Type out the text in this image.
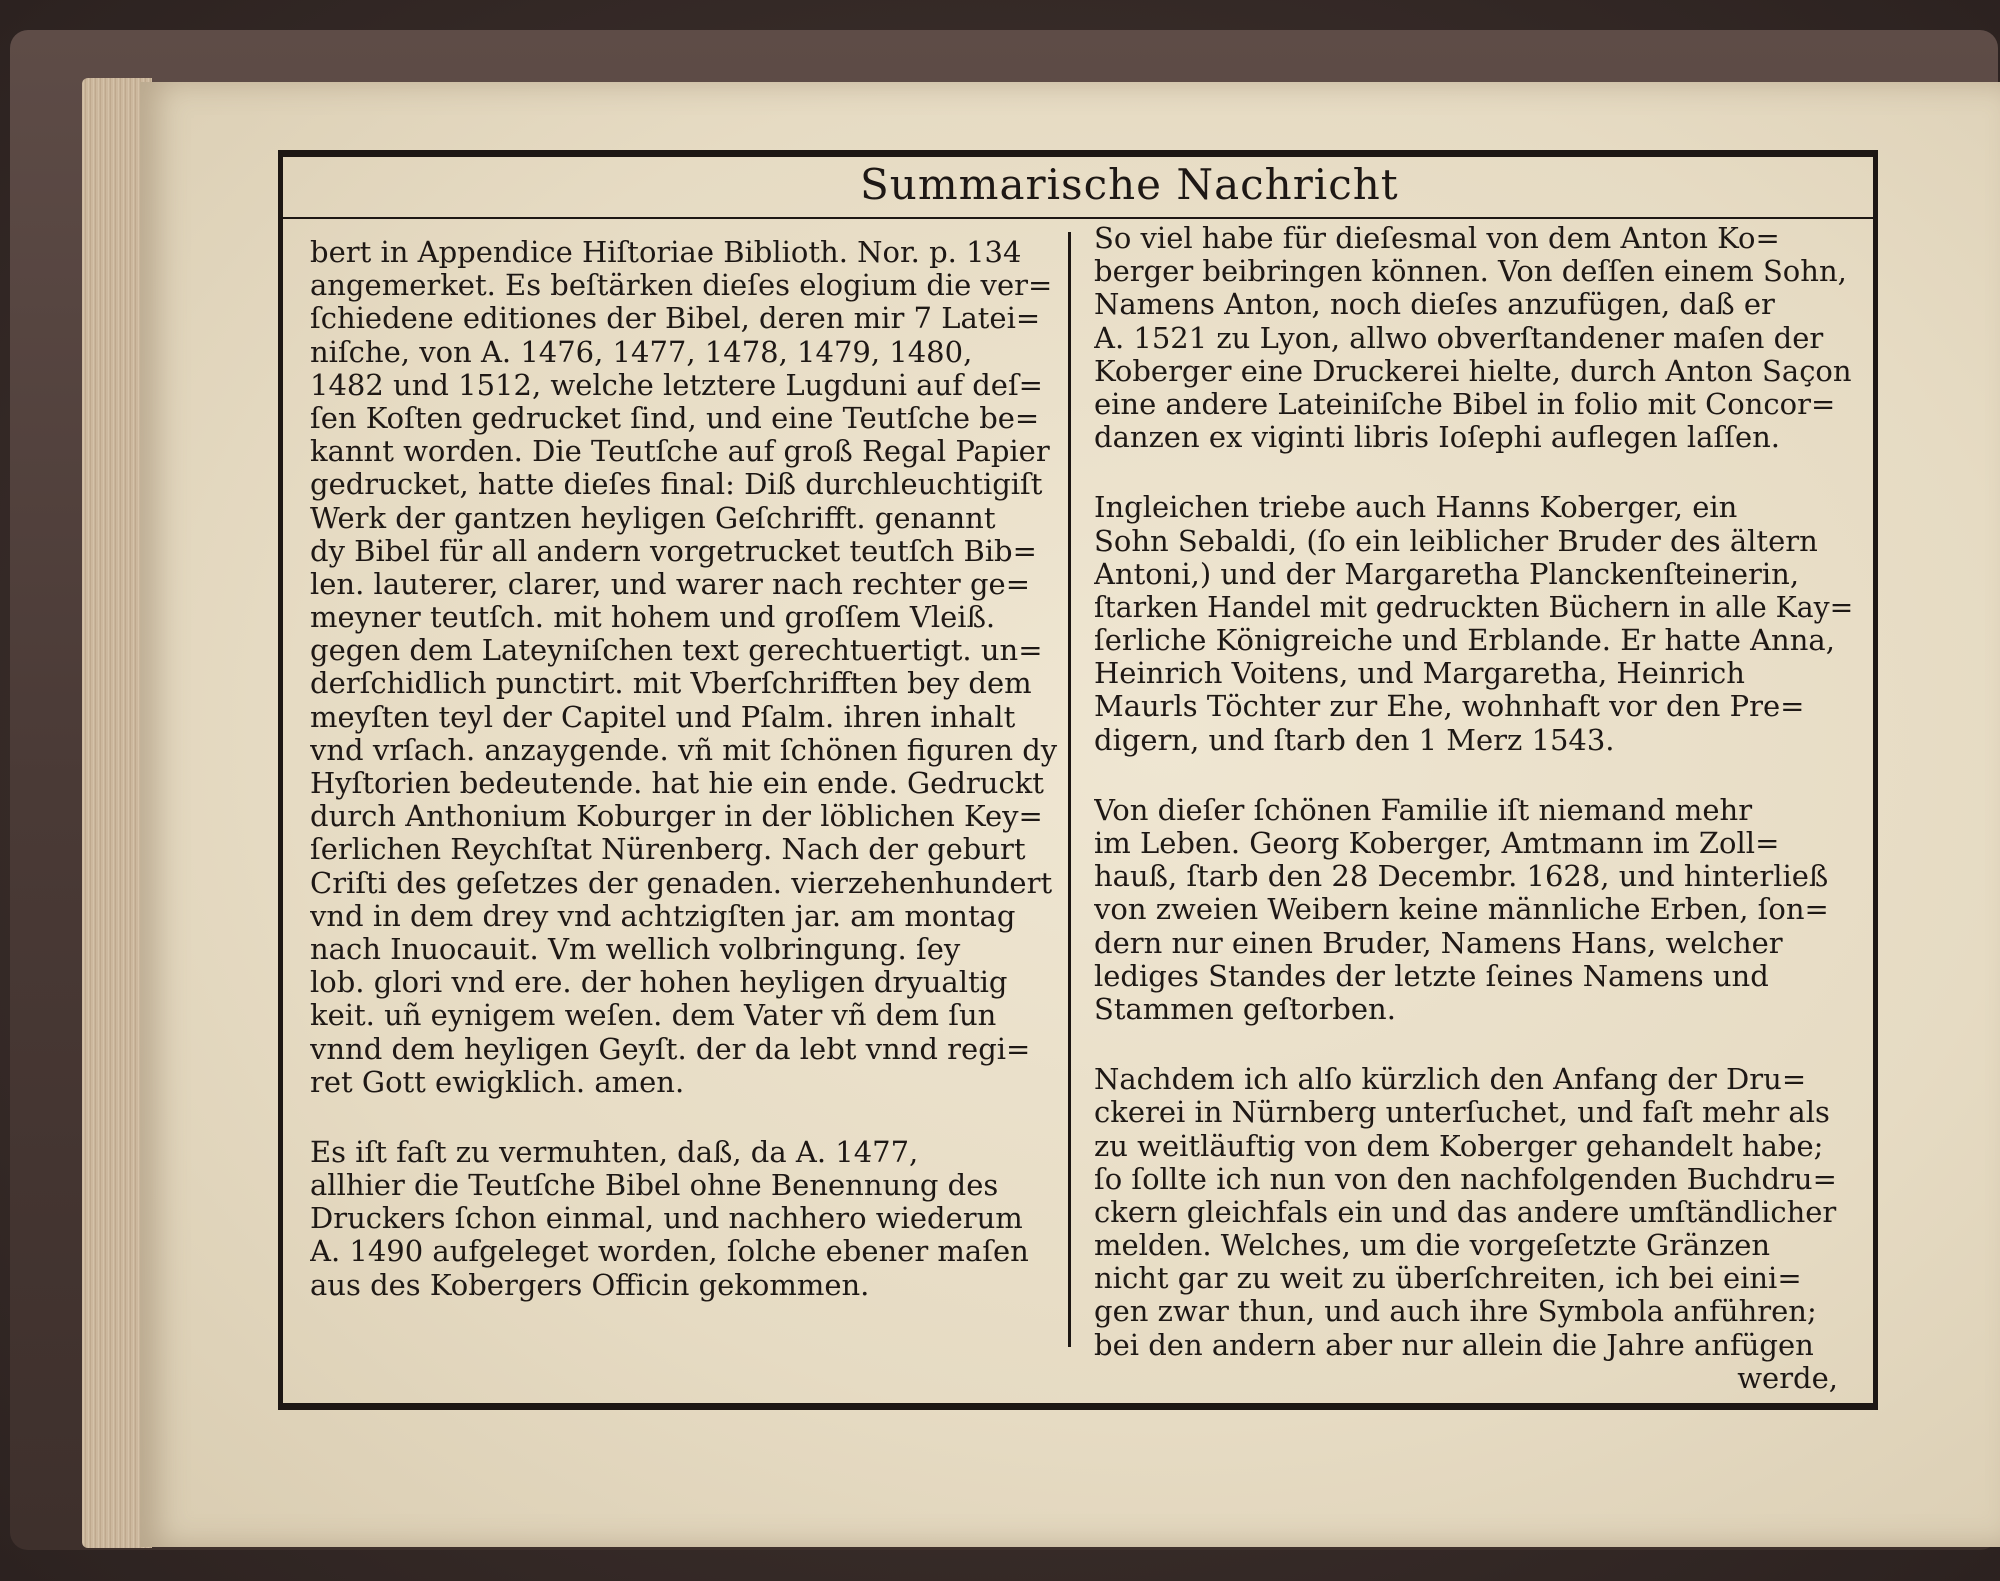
Summarische Nachricht
bert in Appendice Hiſtoriae Biblioth. Nor. p. 134
angemerket. Es beſtärken dieſes elogium die ver=
ſchiedene editiones der Bibel, deren mir 7 Latei=
niſche, von A. 1476, 1477, 1478, 1479, 1480,
1482 und 1512, welche letztere Lugduni auf deſ=
ſen Koſten gedrucket ſind, und eine Teutſche be=
kannt worden. Die Teutſche auf groß Regal Papier
gedrucket, hatte dieſes final: Diß durchleuchtigiſt
Werk der gantzen heyligen Geſchrifft. genannt
dy Bibel für all andern vorgetrucket teutſch Bib=
len. lauterer, clarer, und warer nach rechter ge=
meyner teutſch. mit hohem und groſſem Vleiß.
gegen dem Lateyniſchen text gerechtuertigt. un=
derſchidlich punctirt. mit Vberſchrifften bey dem
meyſten teyl der Capitel und Pſalm. ihren inhalt
vnd vrſach. anzaygende. vñ mit ſchönen figuren dy
Hyſtorien bedeutende. hat hie ein ende. Gedruckt
durch Anthonium Koburger in der löblichen Key=
ſerlichen Reychſtat Nürenberg. Nach der geburt
Criſti des geſetzes der genaden. vierzehenhundert
vnd in dem drey vnd achtzigſten jar. am montag
nach Inuocauit. Vm wellich volbringung. ſey
lob. glori vnd ere. der hohen heyligen dryualtig
keit. uñ eynigem weſen. dem Vater vñ dem ſun
vnnd dem heyligen Geyſt. der da lebt vnnd regi=
ret Gott ewigklich. amen.
Es iſt faſt zu vermuhten, daß, da A. 1477,
allhier die Teutſche Bibel ohne Benennung des
Druckers ſchon einmal, und nachhero wiederum
A. 1490 aufgeleget worden, ſolche ebener maſen
aus des Kobergers Officin gekommen.
So viel habe für dieſesmal von dem Anton Ko=
berger beibringen können. Von deſſen einem Sohn,
Namens Anton, noch dieſes anzufügen, daß er
A. 1521 zu Lyon, allwo obverſtandener maſen der
Koberger eine Druckerei hielte, durch Anton Saçon
eine andere Lateiniſche Bibel in folio mit Concor=
danzen ex viginti libris Ioſephi auflegen laſſen.
Ingleichen triebe auch Hanns Koberger, ein
Sohn Sebaldi, (ſo ein leiblicher Bruder des ältern
Antoni,) und der Margaretha Planckenſteinerin,
ſtarken Handel mit gedruckten Büchern in alle Kay=
ſerliche Königreiche und Erblande. Er hatte Anna,
Heinrich Voitens, und Margaretha, Heinrich
Maurls Töchter zur Ehe, wohnhaft vor den Pre=
digern, und ſtarb den 1 Merz 1543.
Von dieſer ſchönen Familie iſt niemand mehr
im Leben. Georg Koberger, Amtmann im Zoll=
hauß, ſtarb den 28 Decembr. 1628, und hinterließ
von zweien Weibern keine männliche Erben, ſon=
dern nur einen Bruder, Namens Hans, welcher
lediges Standes der letzte ſeines Namens und
Stammen geſtorben.
Nachdem ich alſo kürzlich den Anfang der Dru=
ckerei in Nürnberg unterſuchet, und faſt mehr als
zu weitläuftig von dem Koberger gehandelt habe;
ſo ſollte ich nun von den nachfolgenden Buchdru=
ckern gleichfals ein und das andere umſtändlicher
melden. Welches, um die vorgeſetzte Gränzen
nicht gar zu weit zu überſchreiten, ich bei eini=
gen zwar thun, und auch ihre Symbola anführen;
bei den andern aber nur allein die Jahre anfügen
werde,
